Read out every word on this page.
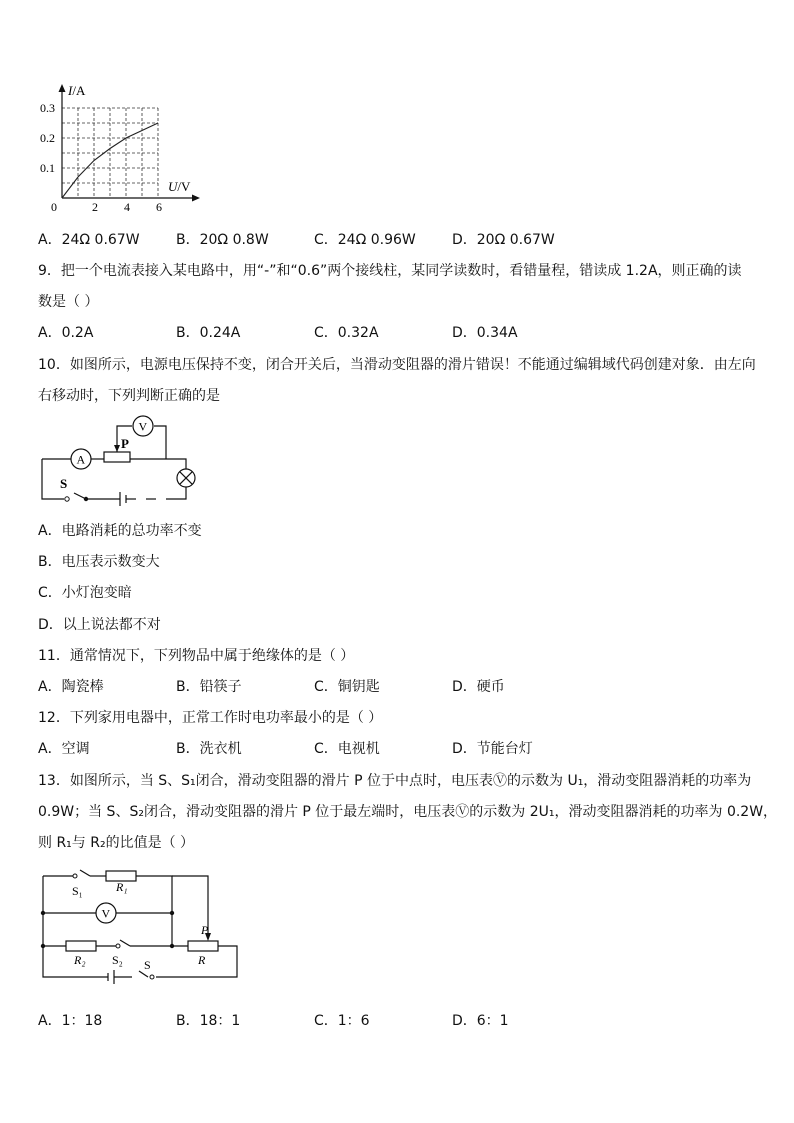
I/A
U/V
0
0.3
0.2
0.1
2 4 6
A．24Ω 0.67W	B．20Ω 0.8W	C．24Ω 0.96W	D．20Ω 0.67W
9．把一个电流表接入某电路中，用“-”和“0.6”两个接线柱，某同学读数时，看错量程，错读成 1.2A，则正确的读
数是（ ）
A．0.2A	B．0.24A	C．0.32A	D．0.34A
10．如图所示，电源电压保持不变，闭合开关后，当滑动变阻器的滑片错误！不能通过编辑域代码创建对象．由左向
右移动时，下列判断正确的是
A
V
P
S
A．电路消耗的总功率不变
B．电压表示数变大
C．小灯泡变暗
D．以上说法都不对
11．通常情况下，下列物品中属于绝缘体的是（ ）
A．陶瓷棒	B．铅筷子	C．铜钥匙	D．硬币
12．下列家用电器中，正常工作时电功率最小的是（ ）
A．空调	B．洗衣机	C．电视机	D．节能台灯
13．如图所示，当 S、S₁闭合，滑动变阻器的滑片 P 位于中点时，电压表Ⓥ的示数为 U₁，滑动变阻器消耗的功率为
0.9W；当 S、S₂闭合，滑动变阻器的滑片 P 位于最左端时，电压表Ⓥ的示数为 2U₁，滑动变阻器消耗的功率为 0.2W，
则 R₁与 R₂的比值是（ ）
S₁	R₁
V
P
R₂ S₂ S	R
A．1：18	B．18：1	C．1：6	D．6：1
